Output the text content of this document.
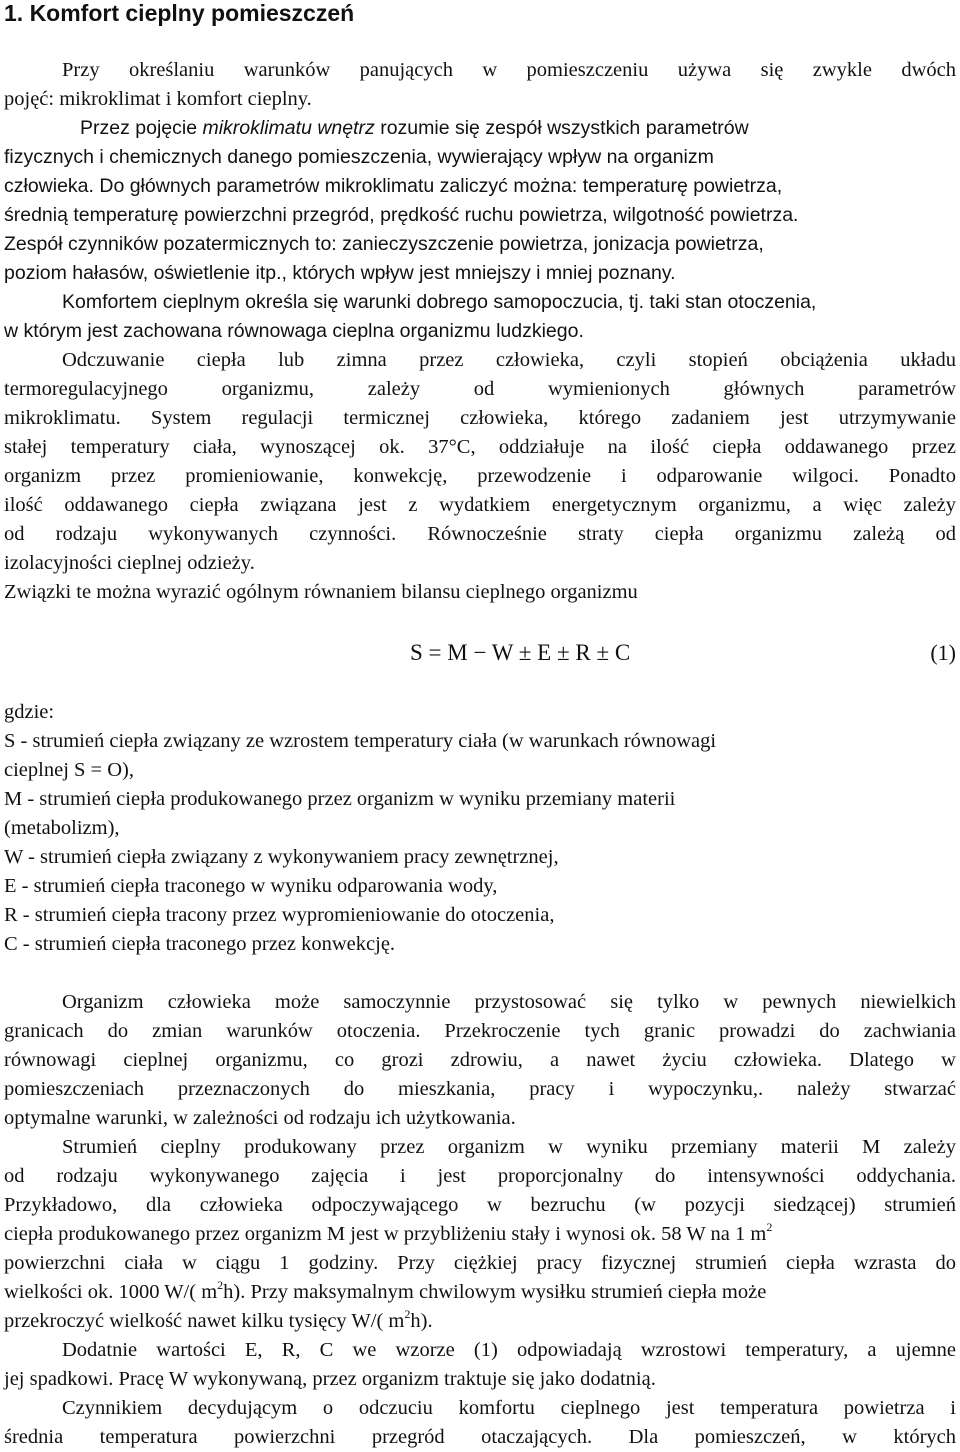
1. Komfort cieplny pomieszczeń
Przy określaniu warunków panujących w pomieszczeniu używa się zwykle dwóch
pojęć: mikroklimat i komfort cieplny.
Przez pojęcie mikroklimatu wnętrz rozumie się zespół wszystkich parametrów
fizycznych i chemicznych danego pomieszczenia, wywierający wpływ na organizm
człowieka. Do głównych parametrów mikroklimatu zaliczyć można: temperaturę powietrza,
średnią temperaturę powierzchni przegród, prędkość ruchu powietrza, wilgotność powietrza.
Zespół czynników pozatermicznych to: zanieczyszczenie powietrza, jonizacja powietrza,
poziom hałasów, oświetlenie itp., których wpływ jest mniejszy i mniej poznany.
Komfortem cieplnym określa się warunki dobrego samopoczucia, tj. taki stan otoczenia,
w którym jest zachowana równowaga cieplna organizmu ludzkiego.
Odczuwanie ciepła lub zimna przez człowieka, czyli stopień obciążenia układu
termoregulacyjnego organizmu, zależy od wymienionych głównych parametrów
mikroklimatu. System regulacji termicznej człowieka, którego zadaniem jest utrzymywanie
stałej temperatury ciała, wynoszącej ok. 37°C, oddziałuje na ilość ciepła oddawanego przez
organizm przez promieniowanie, konwekcję, przewodzenie i odparowanie wilgoci. Ponadto
ilość oddawanego ciepła związana jest z wydatkiem energetycznym organizmu, a więc zależy
od rodzaju wykonywanych czynności. Równocześnie straty ciepła organizmu zależą od
izolacyjności cieplnej odzieży.
Związki te można wyrazić ogólnym równaniem bilansu cieplnego organizmu
S = M − W ± E ± R ± C	(1)
gdzie:
S - strumień ciepła związany ze wzrostem temperatury ciała (w warunkach równowagi
cieplnej S = O),
M - strumień ciepła produkowanego przez organizm w wyniku przemiany materii
(metabolizm),
W - strumień ciepła związany z wykonywaniem pracy zewnętrznej,
E - strumień ciepła traconego w wyniku odparowania wody,
R - strumień ciepła tracony przez wypromieniowanie do otoczenia,
C - strumień ciepła traconego przez konwekcję.
Organizm człowieka może samoczynnie przystosować się tylko w pewnych niewielkich
granicach do zmian warunków otoczenia. Przekroczenie tych granic prowadzi do zachwiania
równowagi cieplnej organizmu, co grozi zdrowiu, a nawet życiu człowieka. Dlatego w
pomieszczeniach przeznaczonych do mieszkania, pracy i wypoczynku,. należy stwarzać
optymalne warunki, w zależności od rodzaju ich użytkowania.
Strumień cieplny produkowany przez organizm w wyniku przemiany materii M zależy
od rodzaju wykonywanego zajęcia i jest proporcjonalny do intensywności oddychania.
Przykładowo, dla człowieka odpoczywającego w bezruchu (w pozycji siedzącej) strumień
ciepła produkowanego przez organizm M jest w przybliżeniu stały i wynosi ok. 58 W na 1 $m^2$
powierzchni ciała w ciągu 1 godziny. Przy ciężkiej pracy fizycznej strumień ciepła wzrasta do
wielkości ok. 1000 W/( $m^2h$). Przy maksymalnym chwilowym wysiłku strumień ciepła może
przekroczyć wielkość nawet kilku tysięcy W/( $m^2h$).
Dodatnie wartości E, R, C we wzorze (1) odpowiadają wzrostowi temperatury, a ujemne
jej spadkowi. Pracę W wykonywaną, przez organizm traktuje się jako dodatnią.
Czynnikiem decydującym o odczuciu komfortu cieplnego jest temperatura powietrza i
średnia temperatura powierzchni przegród otaczających. Dla pomieszczeń, w których
